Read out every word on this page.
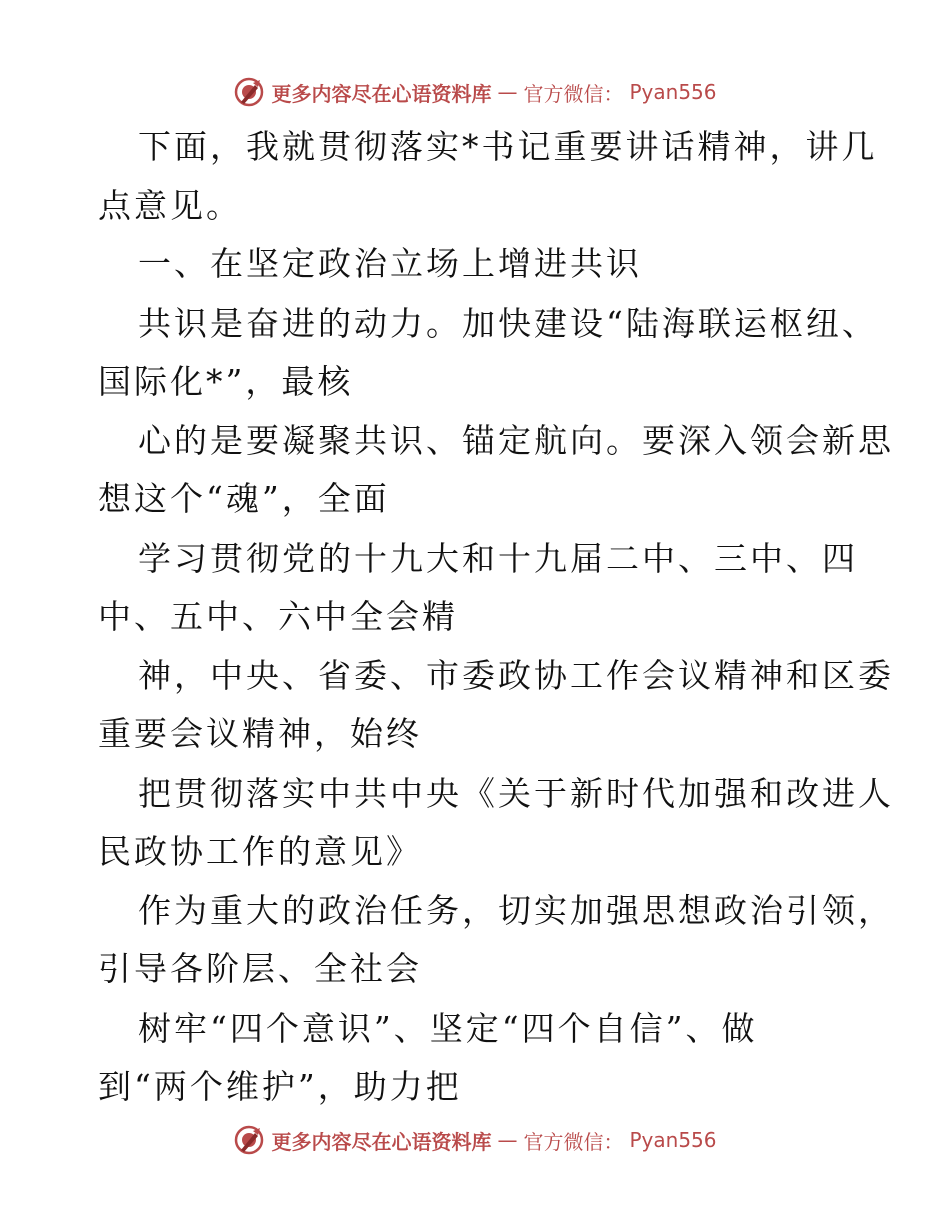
更多内容尽在心语资料库 — 官方微信： Pyan556
下面，我就贯彻落实*书记重要讲话精神，讲几
点意见。
一、在坚定政治立场上增进共识
共识是奋进的动力。加快建设“陆海联运枢纽、
国际化*”，最核
心的是要凝聚共识、锚定航向。要深入领会新思
想这个“魂”，全面
学习贯彻党的十九大和十九届二中、三中、四
中、五中、六中全会精
神，中央、省委、市委政协工作会议精神和区委
重要会议精神，始终
把贯彻落实中共中央《关于新时代加强和改进人
民政协工作的意见》
作为重大的政治任务，切实加强思想政治引领，
引导各阶层、全社会
树牢“四个意识”、坚定“四个自信”、做
到“两个维护”，助力把
更多内容尽在心语资料库 — 官方微信： Pyan556
